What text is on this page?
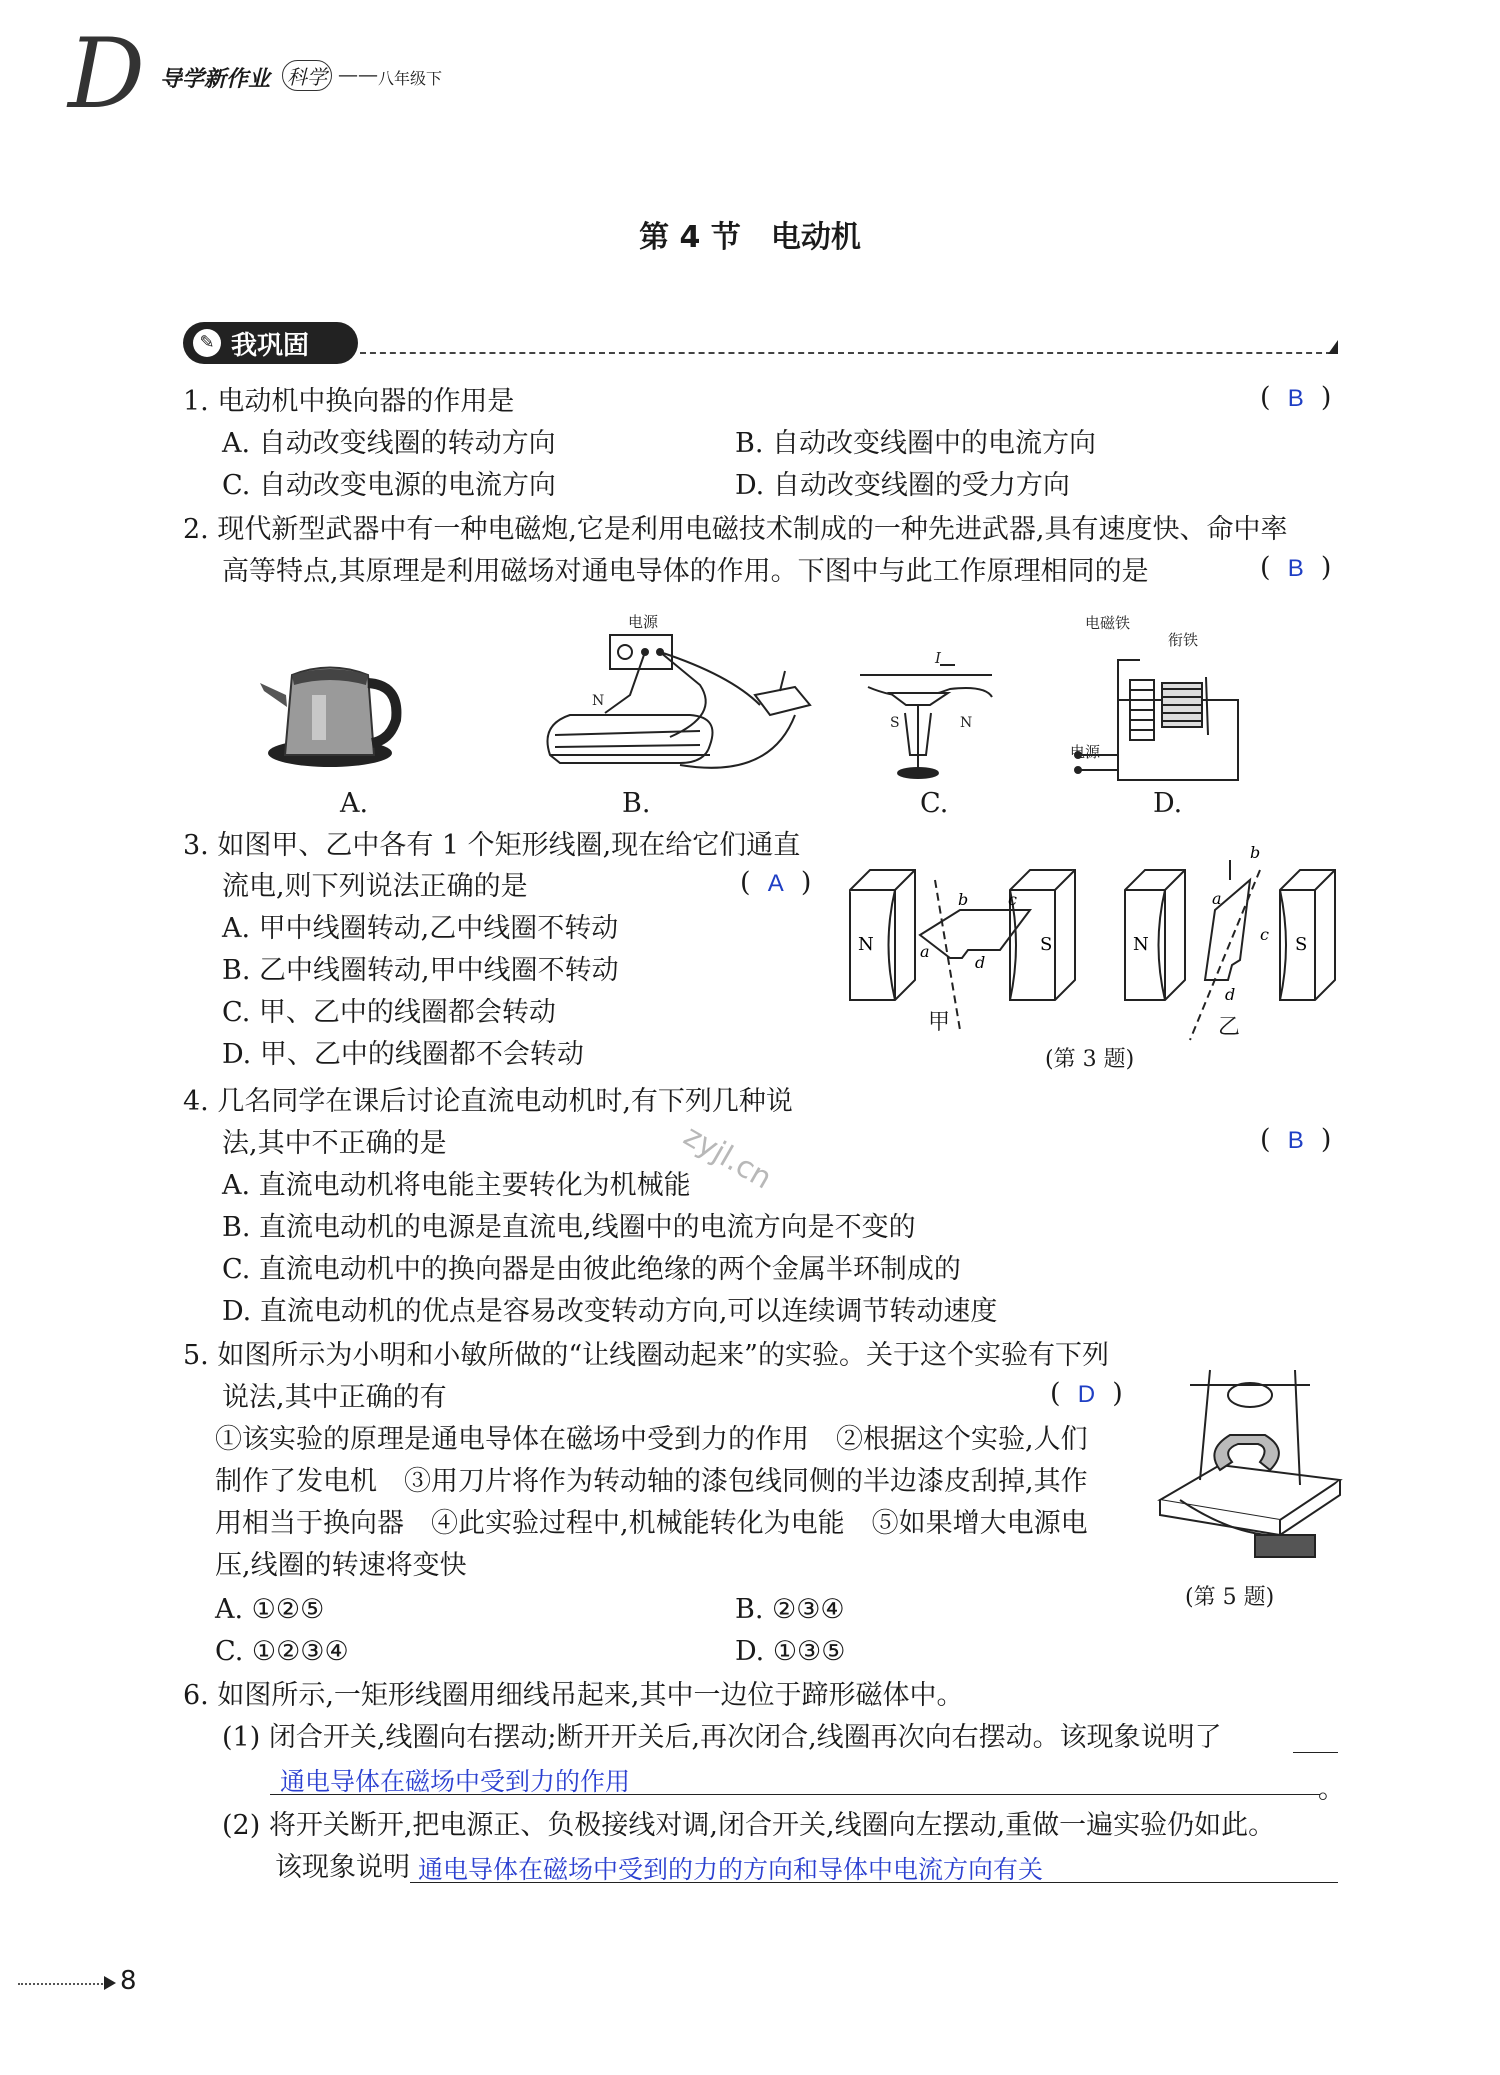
D 导学新作业 科学 —— 八年级下
第 4 节　电动机
✎ 我巩固
1. 电动机中换向器的作用是	(  B  )
A. 自动改变线圈的转动方向	B. 自动改变线圈中的电流方向
C. 自动改变电源的电流方向	D. 自动改变线圈的受力方向
2. 现代新型武器中有一种电磁炮,它是利用电磁技术制成的一种先进武器,具有速度快、命中率
高等特点,其原理是利用磁场对通电导体的作用。下图中与此工作原理相同的是	(  B  )
电源
N
I
S	N
电磁铁
衔铁
电源
A.	B.	C.	D.
3. 如图甲、乙中各有 1 个矩形线圈,现在给它们通直
流电,则下列说法正确的是	(  A  )
A. 甲中线圈转动,乙中线圈不转动
B. 乙中线圈转动,甲中线圈不转动
C. 甲、乙中的线圈都会转动
D. 甲、乙中的线圈都不会转动
N	S	N	S
a
b c
d
a
b
c
d
甲	乙
(第 3 题)
4. 几名同学在课后讨论直流电动机时,有下列几种说
法,其中不正确的是	(  B  )
A. 直流电动机将电能主要转化为机械能
B. 直流电动机的电源是直流电,线圈中的电流方向是不变的
C. 直流电动机中的换向器是由彼此绝缘的两个金属半环制成的
D. 直流电动机的优点是容易改变转动方向,可以连续调节转动速度
zyjl.cn
5. 如图所示为小明和小敏所做的“让线圈动起来”的实验。关于这个实验有下列
说法,其中正确的有	(  D  )
①该实验的原理是通电导体在磁场中受到力的作用　②根据这个实验,人们
制作了发电机　③用刀片将作为转动轴的漆包线同侧的半边漆皮刮掉,其作
用相当于换向器　④此实验过程中,机械能转化为电能　⑤如果增大电源电
压,线圈的转速将变快
A. ①②⑤	B. ②③④
C. ①②③④	D. ①③⑤
(第 5 题)
6. 如图所示,一矩形线圈用细线吊起来,其中一边位于蹄形磁体中。
(1) 闭合开关,线圈向右摆动;断开开关后,再次闭合,线圈再次向右摆动。该现象说明了
通电导体在磁场中受到力的作用	。
(2) 将开关断开,把电源正、负极接线对调,闭合开关,线圈向左摆动,重做一遍实验仍如此。
该现象说明 通电导体在磁场中受到的力的方向和导体中电流方向有关
8
